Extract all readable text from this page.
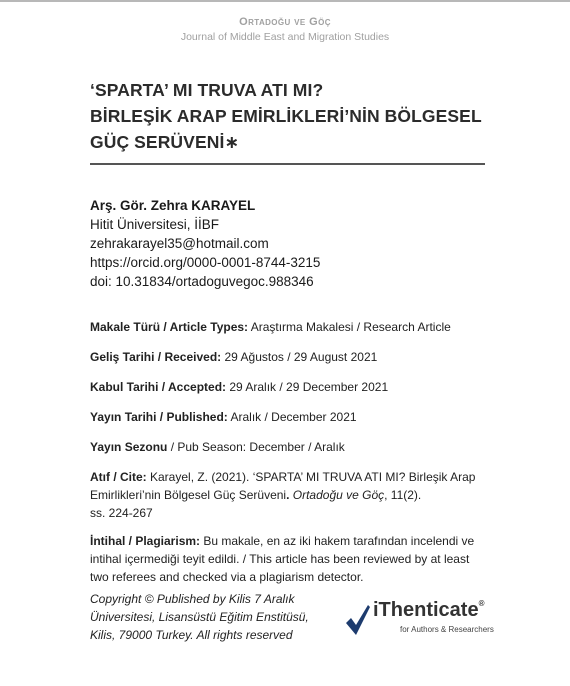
Ortadoğu ve Göç
Journal of Middle East and Migration Studies
‘SPARTA’ MI TRUVA ATI MI?
BİRLEŞİK ARAP EMİRLİKLERİ’NİN BÖLGESEL
GÜÇ SERÜVENİ∗
Arş. Gör. Zehra KARAYEL
Hitit Üniversitesi, İİBF
zehrakarayel35@hotmail.com
https://orcid.org/0000-0001-8744-3215
doi: 10.31834/ortadoguvegoc.988346
Makale Türü / Article Types: Araştırma Makalesi / Research Article
Geliş Tarihi / Received: 29 Ağustos / 29 August 2021
Kabul Tarihi / Accepted: 29 Aralık / 29 December 2021
Yayın Tarihi / Published: Aralık / December 2021
Yayın Sezonu / Pub Season: December / Aralık
Atıf / Cite: Karayel, Z. (2021). ‘SPARTA’ MI TRUVA ATI MI? Birleşik Arap Emirlikleri’nin Bölgesel Güç Serüveni. Ortadoğu ve Göç, 11(2).
ss. 224-267
İntihal / Plagiarism: Bu makale, en az iki hakem tarafından incelendi ve intihal içermediği teyit edildi. / This article has been reviewed by at least two referees and checked via a plagiarism detector.
Copyright © Published by Kilis 7 Aralık
Üniversitesi, Lisansüstü Eğitim Enstitüsü,
Kilis, 79000 Turkey. All rights reserved
iThenticate®
for Authors & Researchers
